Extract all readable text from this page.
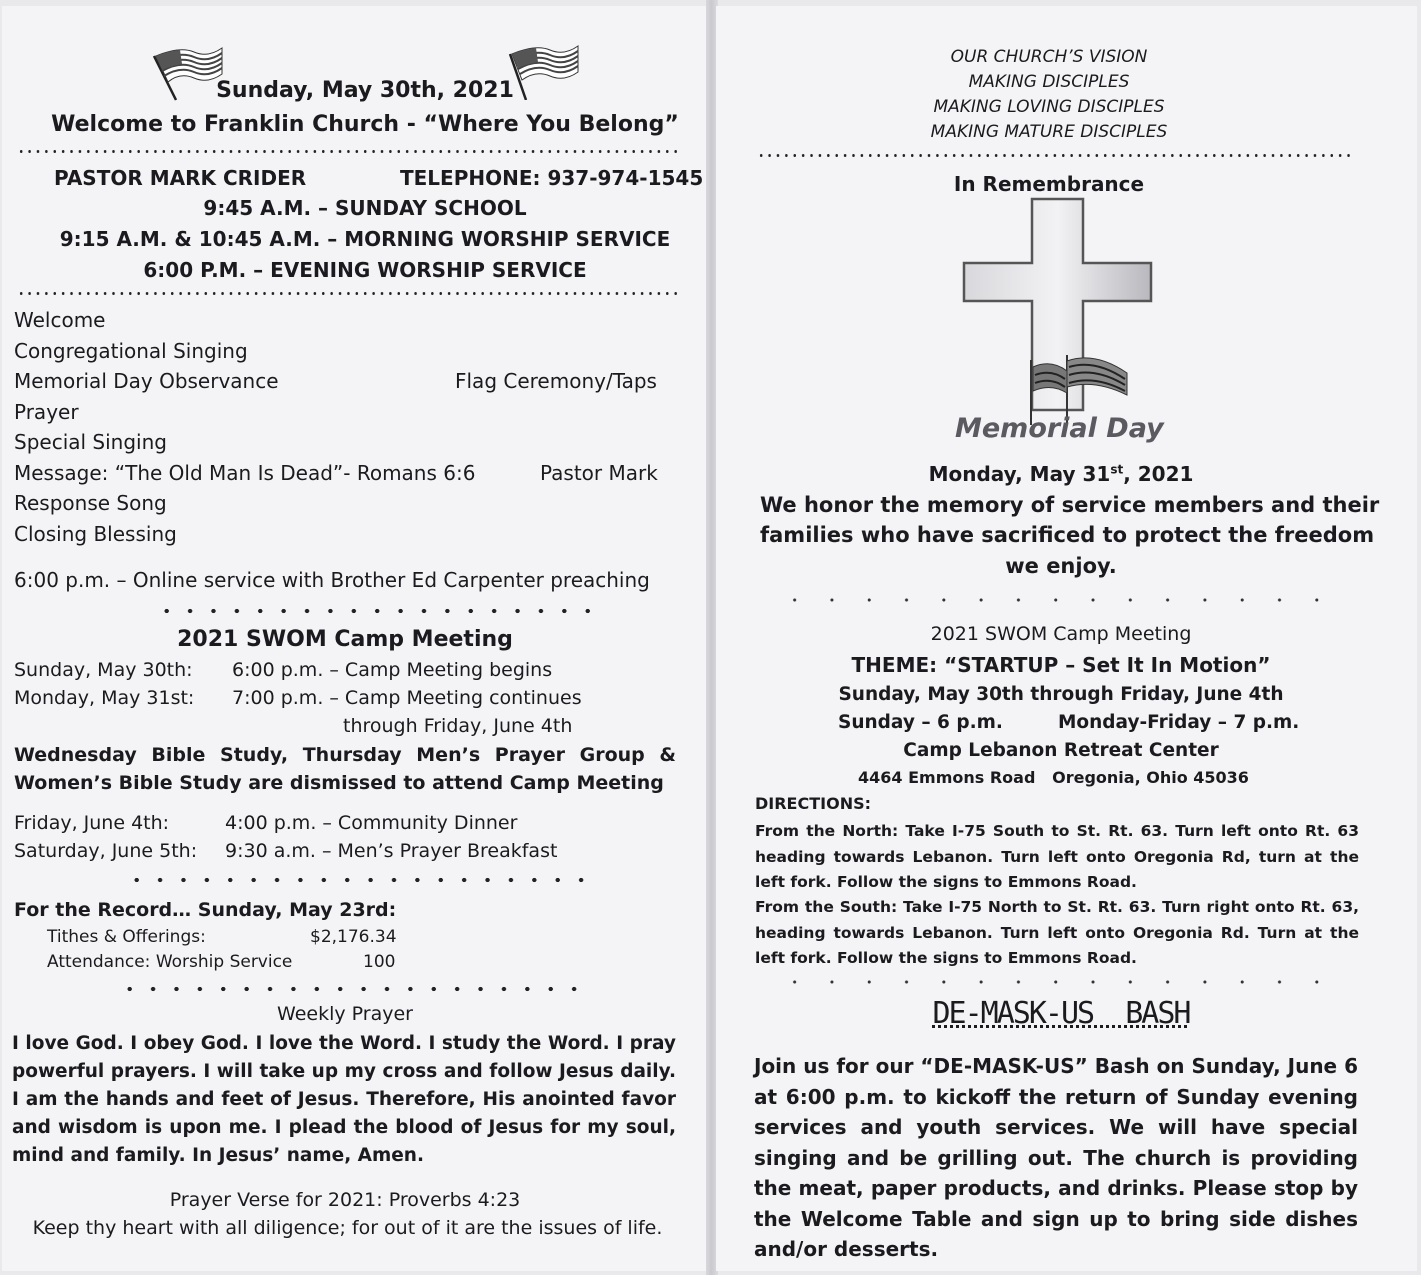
Sunday, May 30th, 2021
Welcome to Franklin Church - “Where You Belong”
PASTOR MARK CRIDER	TELEPHONE: 937-974-1545
9:45 A.M. – SUNDAY SCHOOL
9:15 A.M. & 10:45 A.M. – MORNING WORSHIP SERVICE
6:00 P.M. – EVENING WORSHIP SERVICE
Welcome
Congregational Singing
Memorial Day Observance	Flag Ceremony/Taps
Prayer
Special Singing
Message: “The Old Man Is Dead”- Romans 6:6	Pastor Mark
Response Song
Closing Blessing
6:00 p.m. – Online service with Brother Ed Carpenter preaching
2021 SWOM Camp Meeting
Sunday, May 30th: 6:00 p.m. – Camp Meeting begins
Monday, May 31st: 7:00 p.m. – Camp Meeting continues
through Friday, June 4th
Wednesday Bible Study, Thursday Men’s Prayer Group & Women’s Bible Study are dismissed to attend Camp Meeting
Friday, June 4th:	4:00 p.m. – Community Dinner
Saturday, June 5th: 9:30 a.m. – Men’s Prayer Breakfast
For the Record… Sunday, May 23rd:
Tithes & Offerings:	$2,176.34
Attendance: Worship Service	100
Weekly Prayer
I love God. I obey God. I love the Word. I study the Word. I pray powerful prayers. I will take up my cross and follow Jesus daily. I am the hands and feet of Jesus. Therefore, His anointed favor and wisdom is upon me. I plead the blood of Jesus for my soul, mind and family. In Jesus’ name, Amen.
Prayer Verse for 2021: Proverbs 4:23
Keep thy heart with all diligence; for out of it are the issues of life.
OUR CHURCH’S VISION
MAKING DISCIPLES
MAKING LOVING DISCIPLES
MAKING MATURE DISCIPLES
In Remembrance
Memorial Day
Monday, May 31st, 2021
We honor the memory of service members and their
families who have sacrificed to protect the freedom
we enjoy.
2021 SWOM Camp Meeting
THEME: “STARTUP – Set It In Motion”
Sunday, May 30th through Friday, June 4th
Sunday – 6 p.m.	Monday-Friday – 7 p.m.
Camp Lebanon Retreat Center
4464 Emmons Road   Oregonia, Ohio 45036
DIRECTIONS:
From the North: Take I-75 South to St. Rt. 63. Turn left onto Rt. 63 heading towards Lebanon. Turn left onto Oregonia Rd, turn at the left fork. Follow the signs to Emmons Road.
From the South: Take I-75 North to St. Rt. 63. Turn right onto Rt. 63, heading towards Lebanon. Turn left onto Oregonia Rd. Turn at the left fork. Follow the signs to Emmons Road.
DE-MASK-US  BASH
Join us for our “DE-MASK-US” Bash on Sunday, June 6 at 6:00 p.m. to kickoff the return of Sunday evening services and youth services. We will have special singing and be grilling out. The church is providing the meat, paper products, and drinks. Please stop by the Welcome Table and sign up to bring side dishes and/or desserts.
